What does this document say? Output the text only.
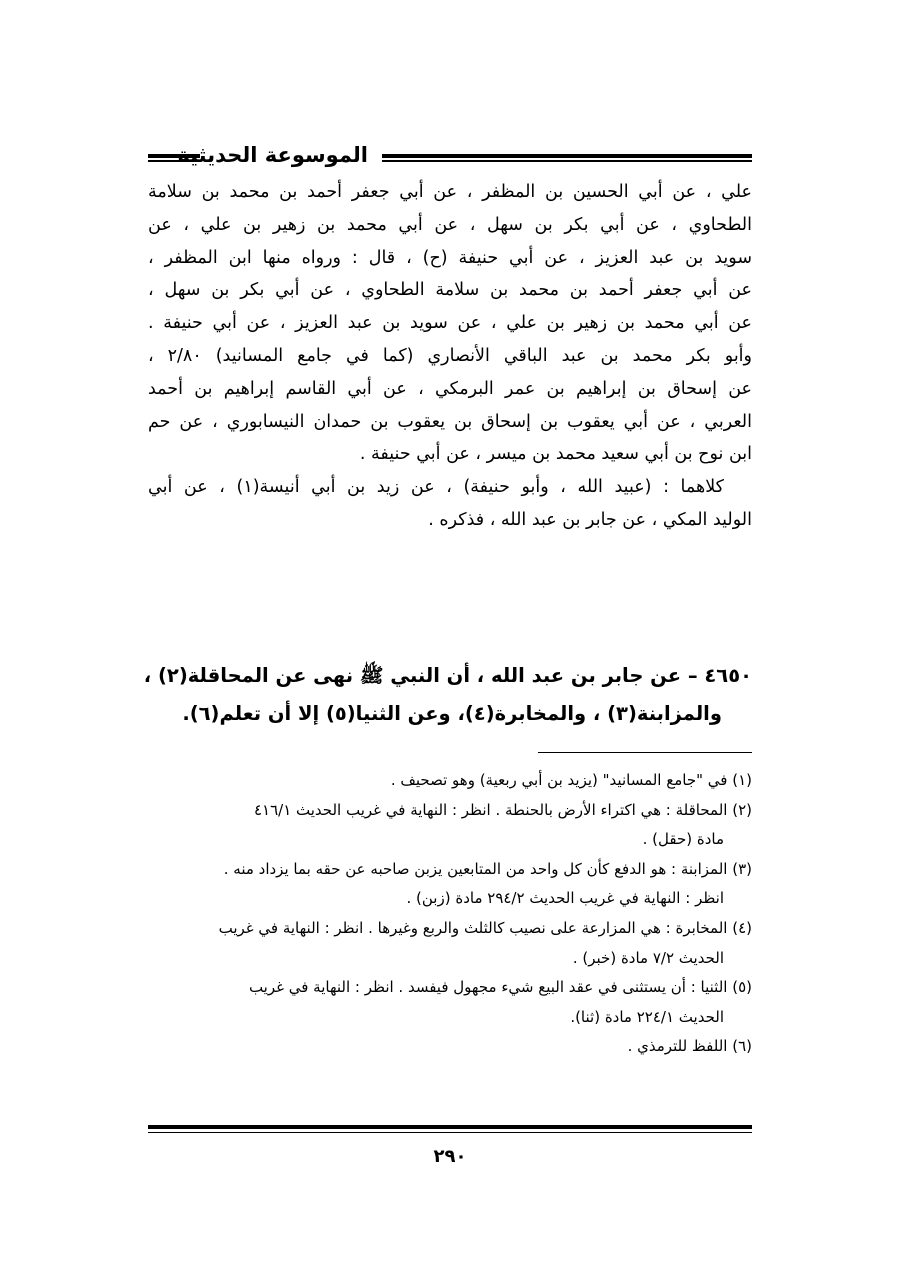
الموسوعة الحديثية

علي ، عن أبي الحسين بن المظفر ، عن أبي جعفر أحمد بن محمد بن سلامة
الطحاوي ، عن أبي بكر بن سهل ، عن أبي محمد بن زهير بن علي ، عن
سويد بن عبد العزيز ، عن أبي حنيفة (ح) ، قال : ورواه منها ابن المظفر ،
عن أبي جعفر أحمد بن محمد بن سلامة الطحاوي ، عن أبي بكر بن سهل ،
عن أبي محمد بن زهير بن علي ، عن سويد بن عبد العزيز ، عن أبي حنيفة .
وأبو بكر محمد بن عبد الباقي الأنصاري (كما في جامع المسانيد) ٢/٨٠ ،
عن إسحاق بن إبراهيم بن عمر البرمكي ، عن أبي القاسم إبراهيم بن أحمد
العربي ، عن أبي يعقوب بن إسحاق بن يعقوب بن حمدان النيسابوري ، عن حم
ابن نوح بن أبي سعيد محمد بن ميسر ، عن أبي حنيفة .

كلاهما : (عبيد الله ، وأبو حنيفة) ، عن زيد بن أبي أنيسة(١) ، عن أبي
الوليد المكي ، عن جابر بن عبد الله ، فذكره .

٤٦٥٠ – عن جابر بن عبد الله ، أن النبي ﷺ نهى عن المحاقلة(٢) ،
والمزابنة(٣) ، والمخابرة(٤)، وعن الثنيا(٥) إلا أن تعلم(٦).
(١) في "جامع المسانيد" (يزيد بن أبي ربعية) وهو تصحيف .
(٢) المحاقلة : هي اكتراء الأرض بالحنطة . انظر : النهاية في غريب الحديث ٤١٦/١
مادة (حقل) .
(٣) المزابنة : هو الدفع كأن كل واحد من المتابعين يزبن صاحبه عن حقه بما يزداد منه .
انظر : النهاية في غريب الحديث ٢٩٤/٢ مادة (زبن) .
(٤) المخابرة : هي المزارعة على نصيب كالثلث والربع وغيرها . انظر : النهاية في غريب
الحديث ٧/٢ مادة (خبر) .
(٥) الثنيا : أن يستثنى في عقد البيع شيء مجهول فيفسد . انظر : النهاية في غريب
الحديث ٢٢٤/١ مادة (ثنا).
(٦) اللفظ للترمذي .
٢٩٠
